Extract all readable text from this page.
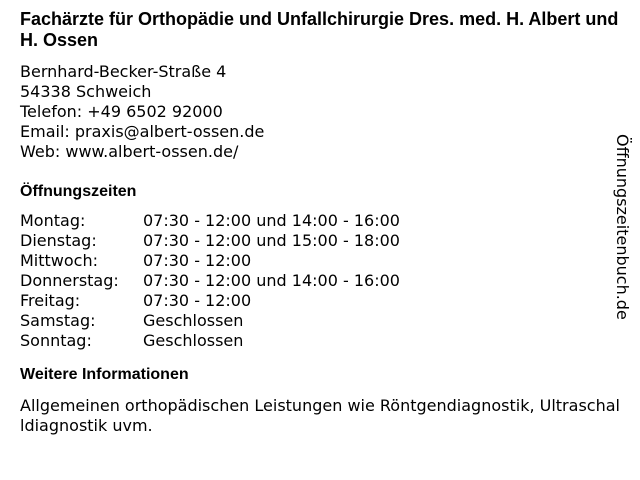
Fachärzte für Orthopädie und Unfallchirurgie Dres. med. H. Albert und H. Ossen
Bernhard-Becker-Straße 4
54338 Schweich
Telefon: +49 6502 92000
Email: praxis@albert-ossen.de
Web: www.albert-ossen.de/
Öffnungszeiten
Montag:	07:30 - 12:00 und 14:00 - 16:00
Dienstag:	07:30 - 12:00 und 15:00 - 18:00
Mittwoch:	07:30 - 12:00
Donnerstag:	07:30 - 12:00 und 14:00 - 16:00
Freitag:	07:30 - 12:00
Samstag:	Geschlossen
Sonntag:	Geschlossen
Weitere Informationen
Allgemeinen orthopädischen Leistungen wie Röntgendiagnostik, Ultraschalldiagnostik uvm.
Öffnungszeitenbuch.de
